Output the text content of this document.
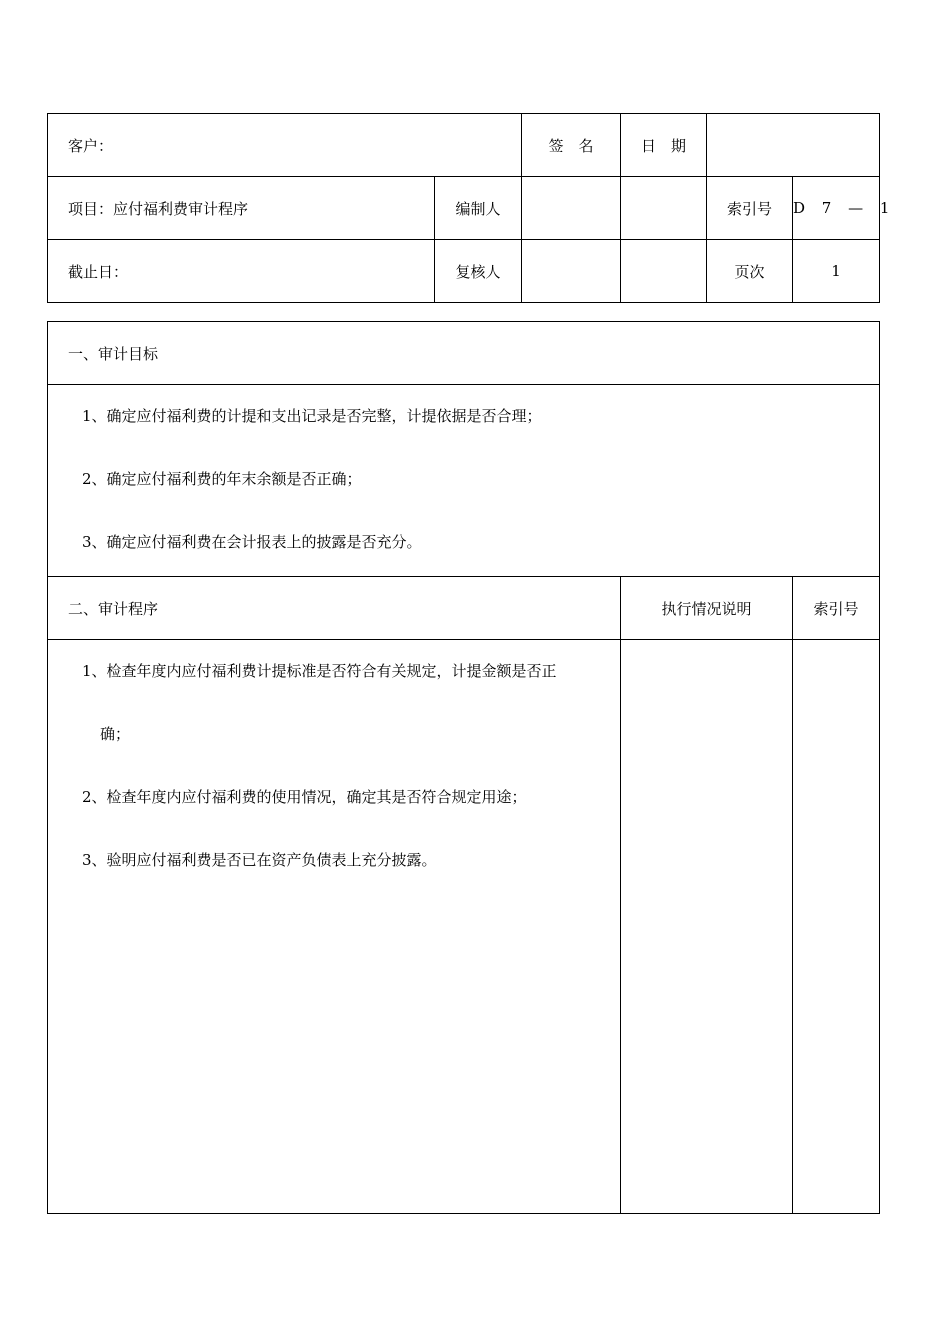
客户：		签　名	日　期		
项目：应付福利费审计程序	编制人			索引号	D 7 — 1
截止日：	复核人			页次	1
一、审计目标		

1、确定应付福利费的计提和支出记录是否完整，计提依据是否合理；
2、确定应付福利费的年末余额是否正确；
3、确定应付福利费在会计报表上的披露是否充分。		

二、审计程序	执行情况说明	索引号

1、检查年度内应付福利费计提标准是否符合有关规定，计提金额是否正
确；
2、检查年度内应付福利费的使用情况，确定其是否符合规定用途；
3、验明应付福利费是否已在资产负债表上充分披露。		
